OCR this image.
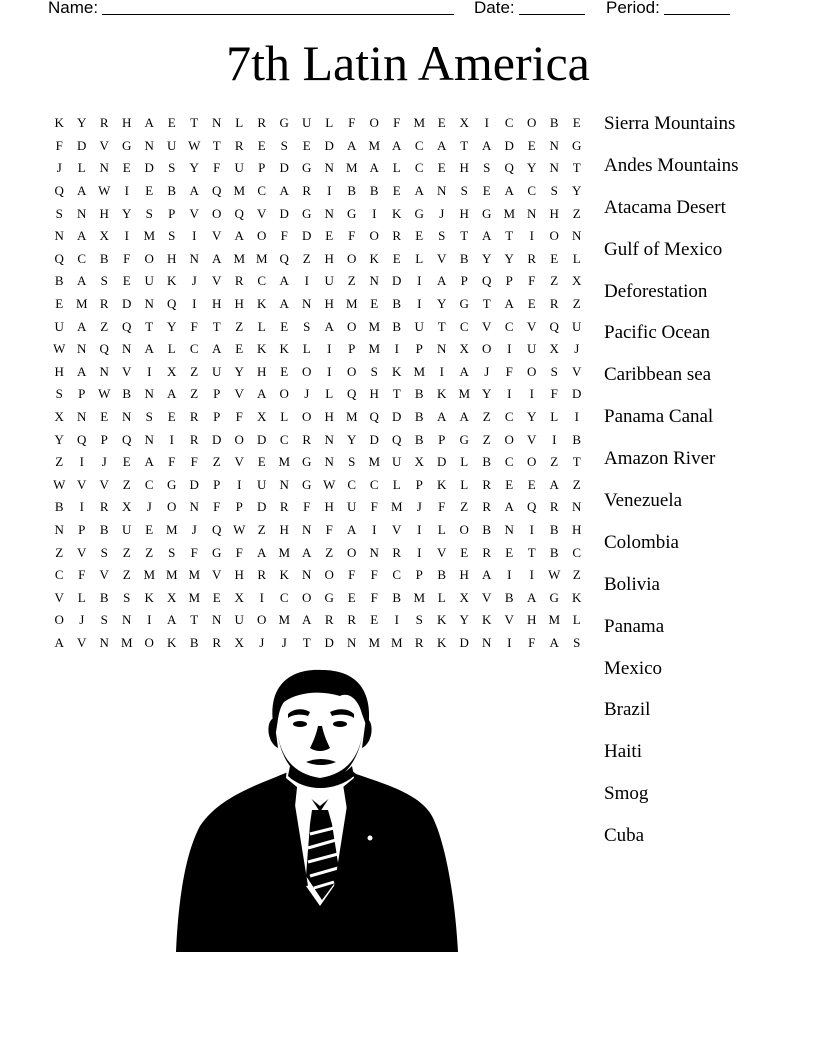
Name:	Date:	Period:
7th Latin America
K	Y	R	H	A	E	T	N	L	R	G	U	L	F	O	F	M E	X	I	C	O	B	E
F	D	V	G	N	U W T	R	E	S	E	D	A M A	C	A	T	A	D	E	N	G
J	L	N	E	D	S	Y	F	U	P	D	G	N M A	L	C	E	H	S	Q	Y	N	T
Q	A W	I	E	B	A	Q M C	A	R	I	B	B	E	A	N	S	E	A	C	S	Y
S	N	H	Y	S	P	V	O	Q	V	D	G	N	G	I	K	G	J	H	G M N	H	Z
N	A	X	I	M	S	I	V	A	O	F	D	E	F	O	R	E	S	T	A	T	I	O	N
Q	C	B	F	O	H	N	A M M Q	Z	H	O	K	E	L	V	B	Y	Y	R	E	L
B	A	S	E	U	K	J	V	R	C	A	I	U	Z	N	D	I	A	P	Q	P	F	Z	X
E M R	D	N	Q	I	H	H	K	A	N	H M E	B	I	Y	G	T	A	E	R	Z
U	A	Z	Q	T	Y	F	T	Z	L	E	S	A	O M B	U	T	C	V	C	V	Q	U
W N	Q	N	A	L	C	A	E	K	K	L	I	P	M	I	P	N	X	O	I	U	X	J
H	A	N	V	I	X	Z	U	Y	H	E	O	I	O	S	K M	I	A	J	F	O	S	V
S	P W B	N	A	Z	P	V	A	O	J	L	Q	H	T	B	K M Y	I	I	F	D
X	N	E	N	S	E	R	P	F	X	L	O	H M Q	D	B	A	A	Z	C	Y	L	I
Y	Q	P	Q	N	I	R	D	O	D	C	R	N	Y	D	Q	B	P	G	Z	O	V	I	B
Z	I	J	E	A	F	F	Z	V	E M G	N	S	M U	X	D	L	B	C	O	Z	T
W V	V	Z	C	G	D	P	I	U	N	G W C	C	L	P	K	L	R	E	E	A	Z
B	I	R	X	J	O	N	F	P	D	R	F	H	U	F	M	J	F	Z	R	A	Q	R	N
N	P	B	U	E M	J	Q W Z	H	N	F	A	I	V	I	L	O	B	N	I	B	H
Z	V	S	Z	Z	S	F	G	F	A M A	Z	O	N	R	I	V	E	R	E	T	B	C
C	F	V	Z M M M V	H	R	K	N	O	F	F	C	P	B	H	A	I	I	W Z
V	L	B	S	K	X M E	X	I	C	O	G	E	F	B M L	X	V	B	A	G	K
O	J	S	N	I	A	T	N	U	O M A	R	R	E	I	S	K	Y	K	V	H M L
A	V	N M O	K	B	R	X	J	J	T	D	N M M R	K	D	N	I	F	A	S
Sierra Mountains
Andes Mountains
Atacama Desert
Gulf of Mexico
Deforestation
Pacific Ocean
Caribbean sea
Panama Canal
Amazon River
Venezuela
Colombia
Bolivia
Panama
Mexico
Brazil
Haiti
Smog
Cuba
